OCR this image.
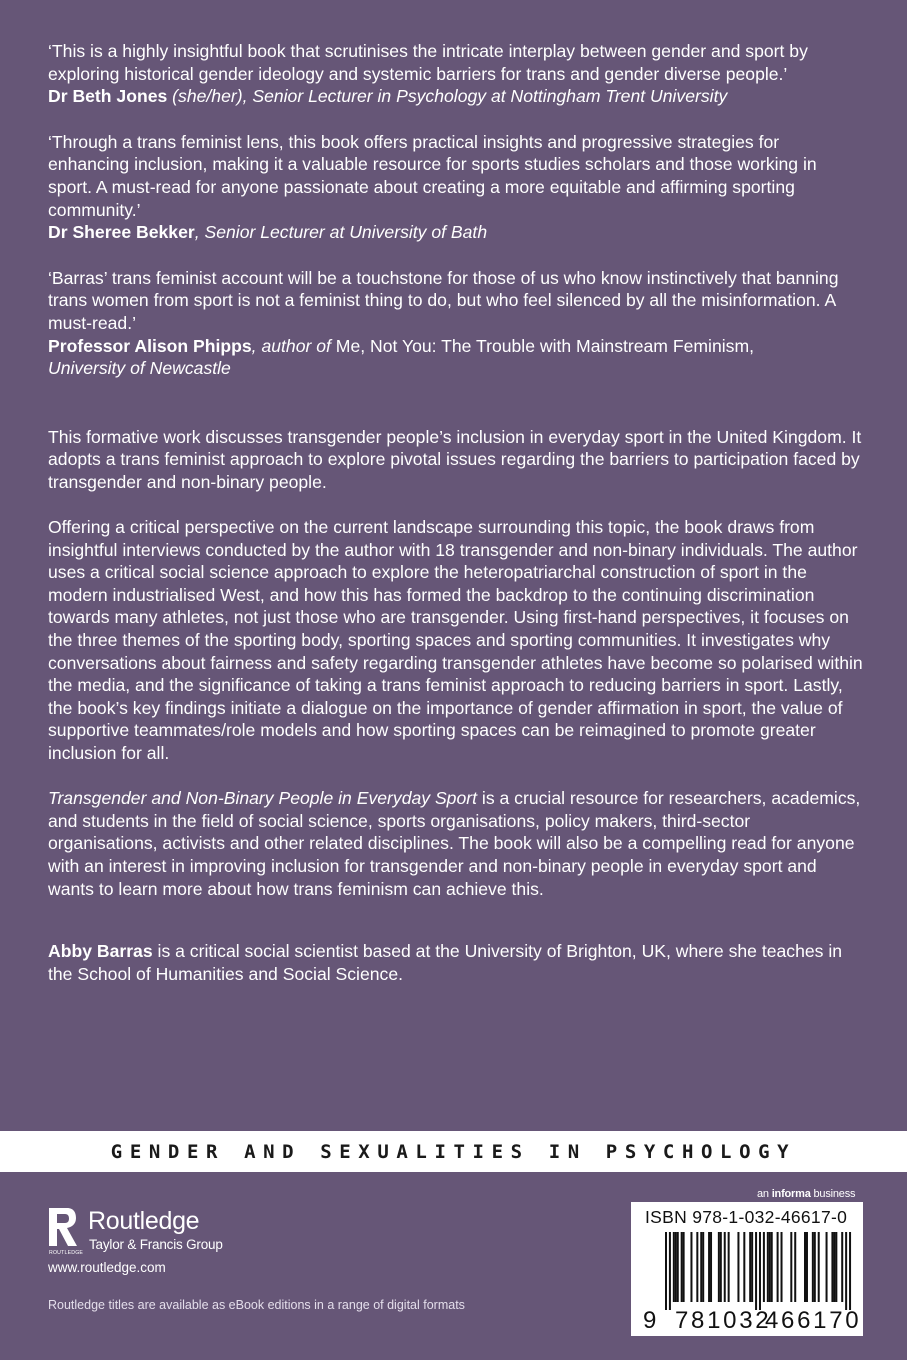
‘This is a highly insightful book that scrutinises the intricate interplay between gender and sport by exploring historical gender ideology and systemic barriers for trans and gender diverse people.’

Dr Beth Jones (she/her), Senior Lecturer in Psychology at Nottingham Trent University

‘Through a trans feminist lens, this book offers practical insights and progressive strategies for enhancing inclusion, making it a valuable resource for sports studies scholars and those working in sport. A must-read for anyone passionate about creating a more equitable and affirming sporting community.’

Dr Sheree Bekker, Senior Lecturer at University of Bath

‘Barras’ trans feminist account will be a touchstone for those of us who know instinctively that banning trans women from sport is not a feminist thing to do, but who feel silenced by all the misinformation. A must-read.’

Professor Alison Phipps, author of Me, Not You: The Trouble with Mainstream Feminism,

University of Newcastle

This formative work discusses transgender people’s inclusion in everyday sport in the United Kingdom. It adopts a trans feminist approach to explore pivotal issues regarding the barriers to participation faced by transgender and non-binary people.

Offering a critical perspective on the current landscape surrounding this topic, the book draws from insightful interviews conducted by the author with 18 transgender and non-binary individuals. The author uses a critical social science approach to explore the heteropatriarchal construction of sport in the modern industrialised West, and how this has formed the backdrop to the continuing discrimination towards many athletes, not just those who are transgender. Using first-hand perspectives, it focuses on the three themes of the sporting body, sporting spaces and sporting communities. It investigates why conversations about fairness and safety regarding transgender athletes have become so polarised within the media, and the significance of taking a trans feminist approach to reducing barriers in sport. Lastly, the book’s key findings initiate a dialogue on the importance of gender affirmation in sport, the value of supportive teammates/role models and how sporting spaces can be reimagined to promote greater inclusion for all.

Transgender and Non-Binary People in Everyday Sport is a crucial resource for researchers, academics, and students in the field of social science, sports organisations, policy makers, third-sector organisations, activists and other related disciplines. The book will also be a compelling read for anyone with an interest in improving inclusion for transgender and non-binary people in everyday sport and wants to learn more about how trans feminism can achieve this.

Abby Barras is a critical social scientist based at the University of Brighton, UK, where she teaches in the School of Humanities and Social Science.

GENDER AND SEXUALITIES IN PSYCHOLOGY
ROUTLEDGE
Routledge
Taylor & Francis Group
www.routledge.com
Routledge titles are available as eBook editions in a range of digital formats
an informa business
ISBN 978-1-032-46617-0
9 781032
466170
